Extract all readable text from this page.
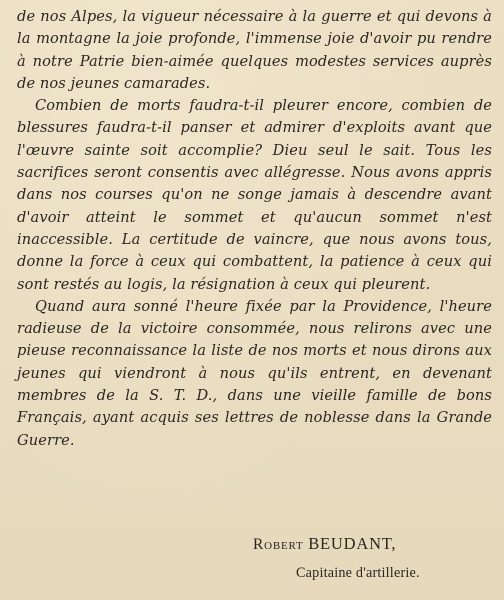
de nos Alpes, la vigueur nécessaire à la guerre et qui devons à la montagne la joie profonde, l'immense joie d'avoir pu rendre à notre Patrie bien-aimée quelques modestes services auprès de nos jeunes camarades.

Combien de morts faudra-t-il pleurer encore, combien de blessures faudra-t-il panser et admirer d'exploits avant que l'œuvre sainte soit accomplie? Dieu seul le sait. Tous les sacrifices seront consentis avec allégresse. Nous avons appris dans nos courses qu'on ne songe jamais à descendre avant d'avoir atteint le sommet et qu'aucun sommet n'est inaccessible. La certitude de vaincre, que nous avons tous, donne la force à ceux qui combattent, la patience à ceux qui sont restés au logis, la résignation à ceux qui pleurent.

Quand aura sonné l'heure fixée par la Providence, l'heure radieuse de la victoire consommée, nous relirons avec une pieuse reconnaissance la liste de nos morts et nous dirons aux jeunes qui viendront à nous qu'ils entrent, en devenant membres de la S. T. D., dans une vieille famille de bons Français, ayant acquis ses lettres de noblesse dans la Grande Guerre.

Robert BEUDANT,
Capitaine d'artillerie.
